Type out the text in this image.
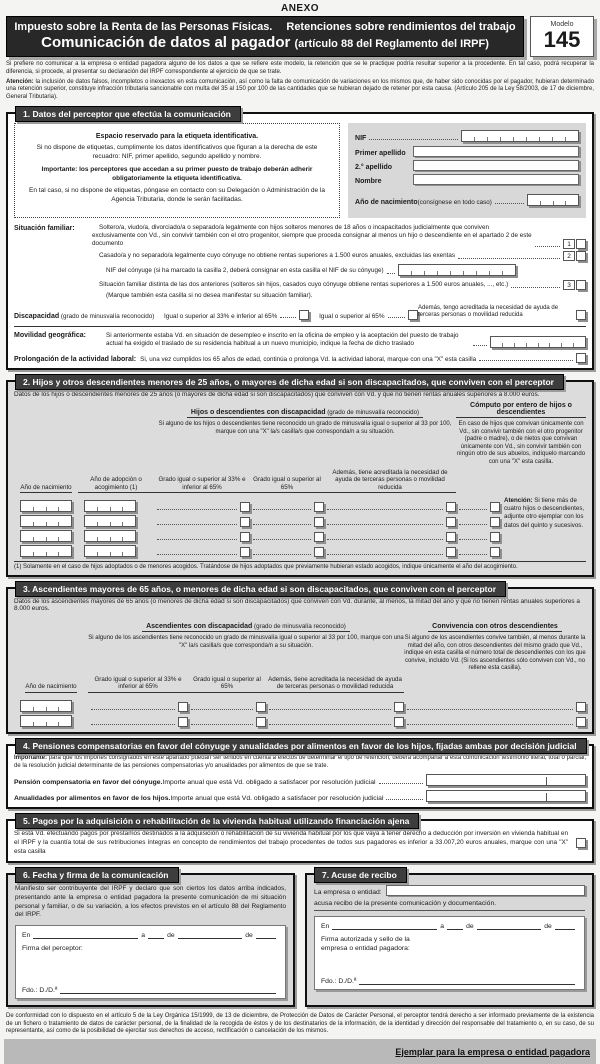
ANEXO
Impuesto sobre la Renta de las Personas Físicas. Retenciones sobre rendimientos del trabajo
Comunicación de datos al pagador (artículo 88 del Reglamento del IRPF)
Modelo
145

Si prefiere no comunicar a la empresa o entidad pagadora alguno de los datos a que se refiere este modelo, la retención que se le practique podría resultar superior a la procedente. En tal caso, podrá recuperar la diferencia, si procede, al presentar su declaración del IRPF correspondiente al ejercicio de que se trate.

Atención: la inclusión de datos falsos, incompletos o inexactos en esta comunicación, así como la falta de comunicación de variaciones en los mismos que, de haber sido conocidas por el pagador, hubieran determinado una retención superior, constituye infracción tributaria sancionable con multa del 35 al 150 por 100 de las cantidades que se hubieran dejado de retener por esta causa. (Artículo 205 de la Ley 58/2003, de 17 de diciembre, General Tributaria).

1. Datos del perceptor que efectúa la comunicación
Espacio reservado para la etiqueta identificativa.

Si no dispone de etiquetas, cumplimente los datos identificativos que figuran a la derecha de este recuadro: NIF, primer apellido, segundo apellido y nombre.

Importante: los perceptores que accedan a su primer puesto de trabajo deberán adherir obligatoriamente la etiqueta identificativa.

En tal caso, si no dispone de etiquetas, póngase en contacto con su Delegación o Administración de la Agencia Tributaria, donde le serán facilitadas.

NIF
Primer apellido
2.° apellido
Nombre
Año de nacimiento (consígnese en todo caso)
Situación familiar:	Soltero/a, viudo/a, divorciado/a o separado/a legalmente con hijos solteros menores de 18 años o incapacitados judicialmente que conviven exclusivamente con Vd., sin convivir también con el otro progenitor, siempre que proceda consignar al menos un hijo o descendiente en el apartado 2 de este documento	1
Casado/a y no separado/a legalmente cuyo cónyuge no obtiene rentas superiores a 1.500 euros anuales, excluidas las exentas	2
NIF del cónyuge (si ha marcado la casilla 2, deberá consignar en esta casilla el NIF de su cónyuge)
Situación familiar distinta de las dos anteriores (solteros sin hijos, casados cuyo cónyuge obtiene rentas superiores a 1.500 euros anuales, ..., etc.)	3
(Marque también esta casilla si no desea manifestar su situación familiar).
Discapacidad (grado de minusvalía reconocido)	Igual o superior al 33% e inferior al 65%	Igual o superior al 65%
Además, tengo acreditada la necesidad de ayuda de terceras personas o movilidad reducida
Movilidad geográfica:	Si anteriormente estaba Vd. en situación de desempleo e inscrito en la oficina de empleo y la aceptación del puesto de trabajo actual ha exigido el traslado de su residencia habitual a un nuevo municipio, indique la fecha de dicho traslado
Prolongación de la actividad laboral: Si, una vez cumplidos los 65 años de edad, continúa o prolonga Vd. la actividad laboral, marque con una "X" esta casilla
2. Hijos y otros descendientes menores de 25 años, o mayores de dicha edad si son discapacitados, que conviven con el perceptor
Datos de los hijos o descendientes menores de 25 años (o mayores de dicha edad si son discapacitados) que conviven con Vd. y que no tienen rentas anuales superiores a 8.000 euros.
Hijos o descendientes con discapacidad (grado de minusvalía reconocido)
Si alguno de los hijos o descendientes tiene reconocido un grado de minusvalía igual o superior al 33 por 100, marque con una "X" la/s casilla/s que corresponda/n a su situación.
Cómputo por entero de hijos o descendientes
En caso de hijos que convivan únicamente con Vd., sin convivir también con el otro progenitor (padre o madre), o de nietos que convivan únicamente con Vd., sin convivir también con ningún otro de sus abuelos, indíquelo marcando con una "X" esta casilla.
Año de nacimiento
Año de adopción o acogimiento (1)
Grado igual o superior al 33% e inferior al 65%
Grado igual o superior al 65%
Además, tiene acreditada la necesidad de ayuda de terceras personas o movilidad reducida
Atención: Si tiene más de cuatro hijos o descendientes, adjunte otro ejemplar con los datos del quinto y sucesivos.
(1) Solamente en el caso de hijos adoptados o de menores acogidos. Tratándose de hijos adoptados que previamente hubieran estado acogidos, indique únicamente el año del acogimiento.
3. Ascendientes mayores de 65 años, o menores de dicha edad si son discapacitados, que conviven con el perceptor
Datos de los ascendientes mayores de 65 años (o menores de dicha edad si son discapacitados) que conviven con Vd. durante, al menos, la mitad del año y que no tienen rentas anuales superiores a 8.000 euros.
Ascendientes con discapacidad (grado de minusvalía reconocido)
Si alguno de los ascendientes tiene reconocido un grado de minusvalía igual o superior al 33 por 100, marque con una "X" la/s casilla/s que corresponda/n a su situación.
Convivencia con otros descendientes
Si alguno de los ascendientes convive también, al menos durante la mitad del año, con otros descendientes del mismo grado que Vd., indique en esta casilla el número total de descendientes con los que convive, incluido Vd. (Si los ascendientes sólo conviven con Vd., no rellene esta casilla).
Año de nacimiento
Grado igual o superior al 33% e inferior al 65%
Grado igual o superior al 65%
Además, tiene acreditada la necesidad de ayuda de terceras personas o movilidad reducida
4. Pensiones compensatorias en favor del cónyuge y anualidades por alimentos en favor de los hijos, fijadas ambas por decisión judicial
Importante: para que los importes consignados en este apartado puedan ser tenidos en cuenta a efectos de determinar el tipo de retención, deberá acompañar a esta comunicación testimonio literal, total o parcial, de la resolución judicial determinante de las pensiones compensatorias y/o anualidades por alimentos de que se trate.
Pensión compensatoria en favor del cónyuge. Importe anual que está Vd. obligado a satisfacer por resolución judicial
Anualidades por alimentos en favor de los hijos. Importe anual que está Vd. obligado a satisfacer por resolución judicial
5. Pagos por la adquisición o rehabilitación de la vivienda habitual utilizando financiación ajena
Si está Vd. efectuando pagos por préstamos destinados a la adquisición o rehabilitación de su vivienda habitual por los que vaya a tener derecho a deducción por inversión en vivienda habitual en el IRPF y la cuantía total de sus retribuciones íntegras en concepto de rendimientos del trabajo procedentes de todos sus pagadores es inferior a 33.007,20 euros anuales, marque con una "X" esta casilla
6. Fecha y firma de la comunicación
Manifiesto ser contribuyente del IRPF y declaro que son ciertos los datos arriba indicados, presentando ante la empresa o entidad pagadora la presente comunicación de mi situación personal y familiar, o de su variación, a los efectos previstos en el artículo 88 del Reglamento del IRPF.
En	a	de	de
Firma del perceptor:
Fdo.: D./D.ª
7. Acuse de recibo
La empresa o entidad:
acusa recibo de la presente comunicación y documentación.
En	a	de	de
Firma autorizada y sello de la
empresa o entidad pagadora:
Fdo.: D./D.ª
De conformidad con lo dispuesto en el artículo 5 de la Ley Orgánica 15/1999, de 13 de diciembre, de Protección de Datos de Carácter Personal, el perceptor tendrá derecho a ser informado previamente de la existencia de un fichero o tratamiento de datos de carácter personal, de la finalidad de la recogida de éstos y de los destinatarios de la información, de la identidad y dirección del responsable del tratamiento o, en su caso, de su representante, así como de la posibilidad de ejercitar sus derechos de acceso, rectificación o cancelación de los mismos.
Ejemplar para la empresa o entidad pagadora
